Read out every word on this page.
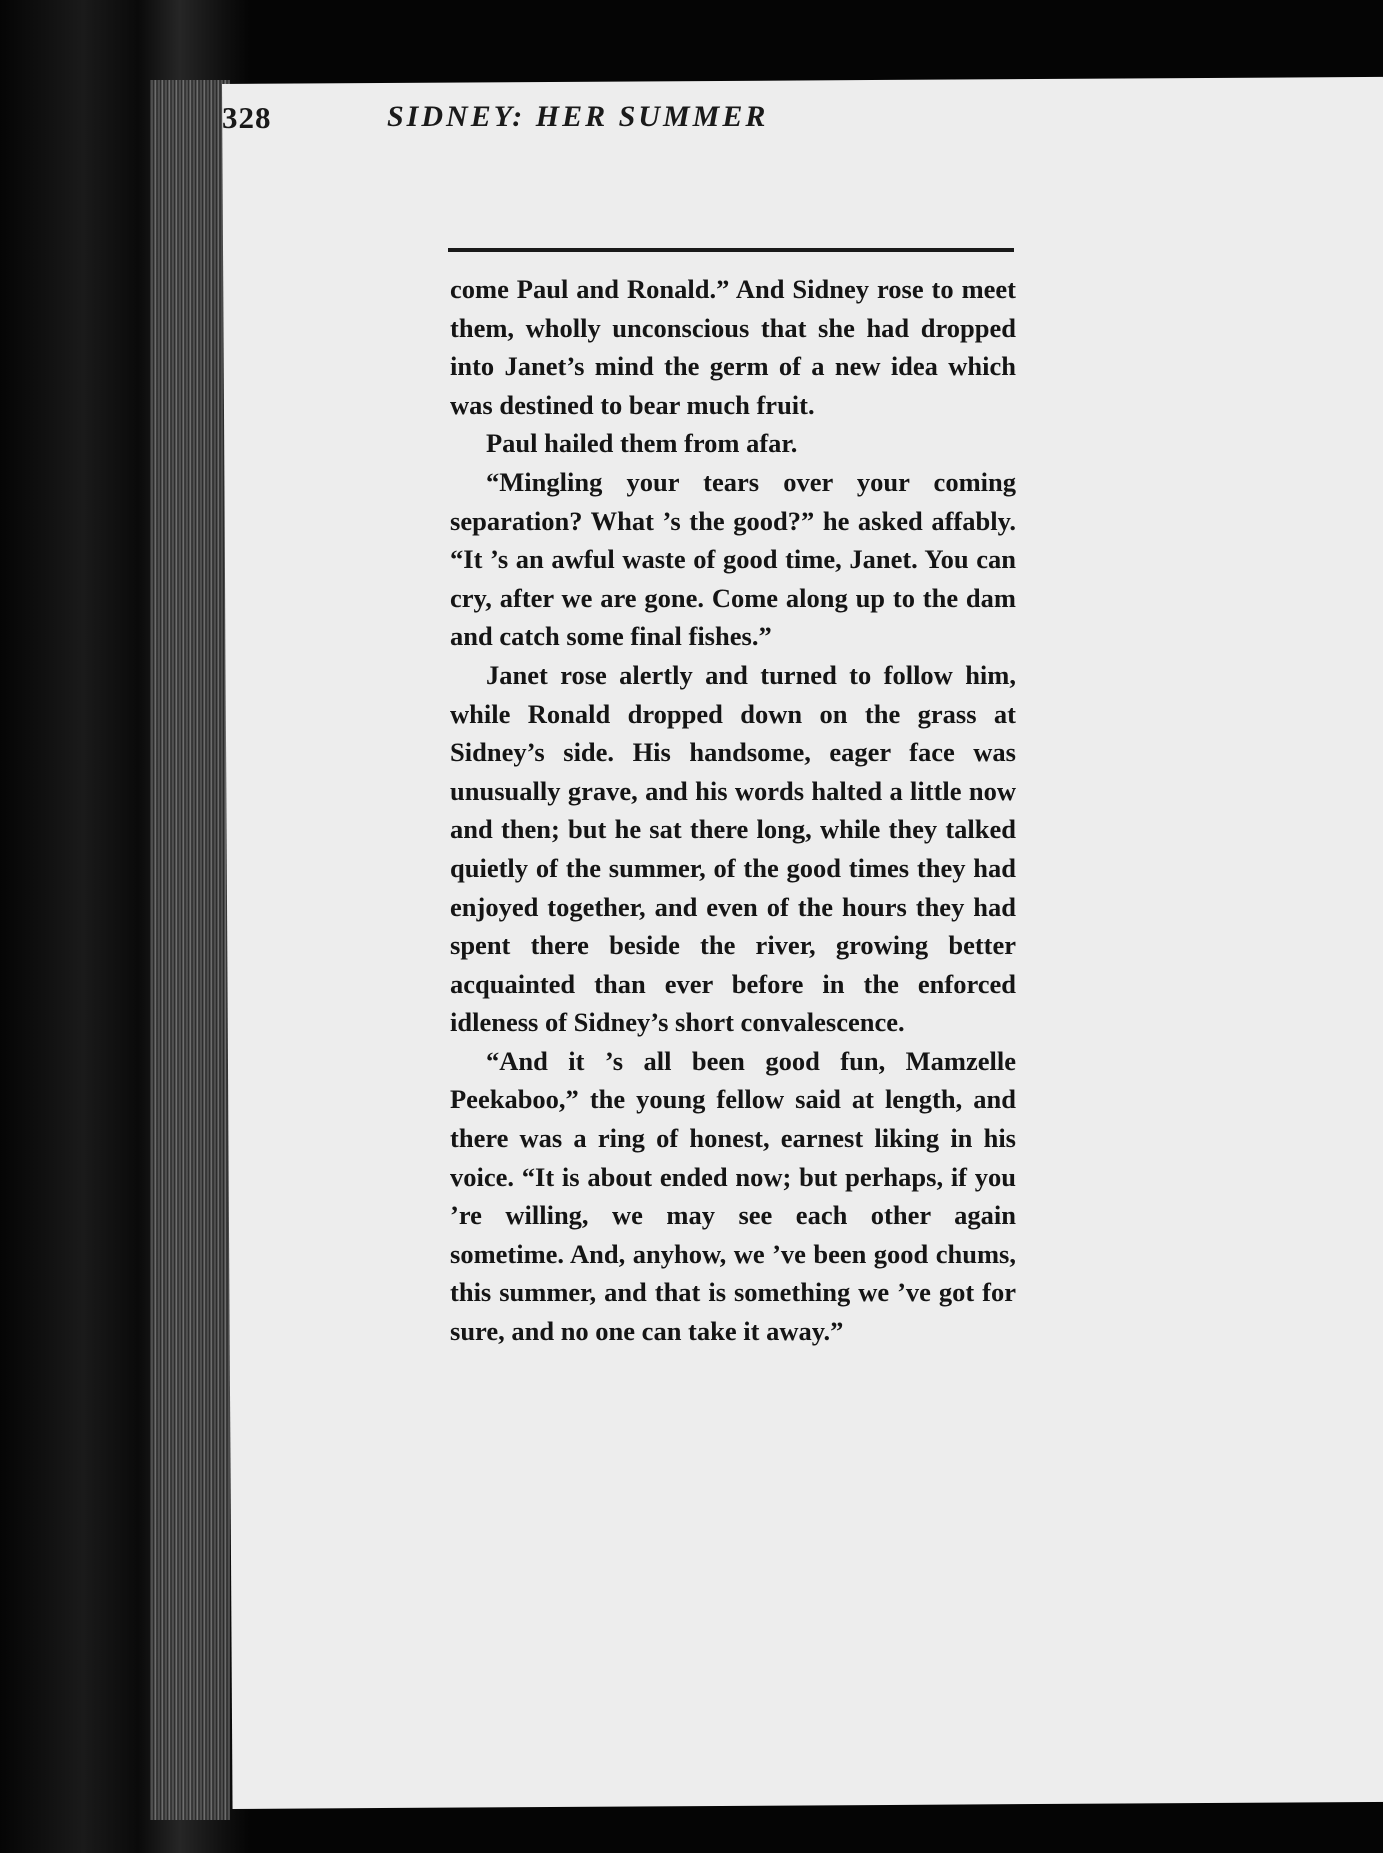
328	SIDNEY: HER SUMMER

come Paul and Ronald.” And Sidney rose to meet them, wholly unconscious that she had dropped into Janet’s mind the germ of a new idea which was destined to bear much fruit.

Paul hailed them from afar.

“Mingling your tears over your coming separation? What ’s the good?” he asked affably. “It ’s an awful waste of good time, Janet. You can cry, after we are gone. Come along up to the dam and catch some final fishes.”

Janet rose alertly and turned to follow him, while Ronald dropped down on the grass at Sidney’s side. His handsome, eager face was unusually grave, and his words halted a little now and then; but he sat there long, while they talked quietly of the summer, of the good times they had enjoyed together, and even of the hours they had spent there beside the river, growing better acquainted than ever before in the enforced idleness of Sidney’s short convalescence.

“And it ’s all been good fun, Mamzelle Peekaboo,” the young fellow said at length, and there was a ring of honest, earnest liking in his voice. “It is about ended now; but perhaps, if you ’re willing, we may see each other again sometime. And, anyhow, we ’ve been good chums, this summer, and that is something we ’ve got for sure, and no one can take it away.”
